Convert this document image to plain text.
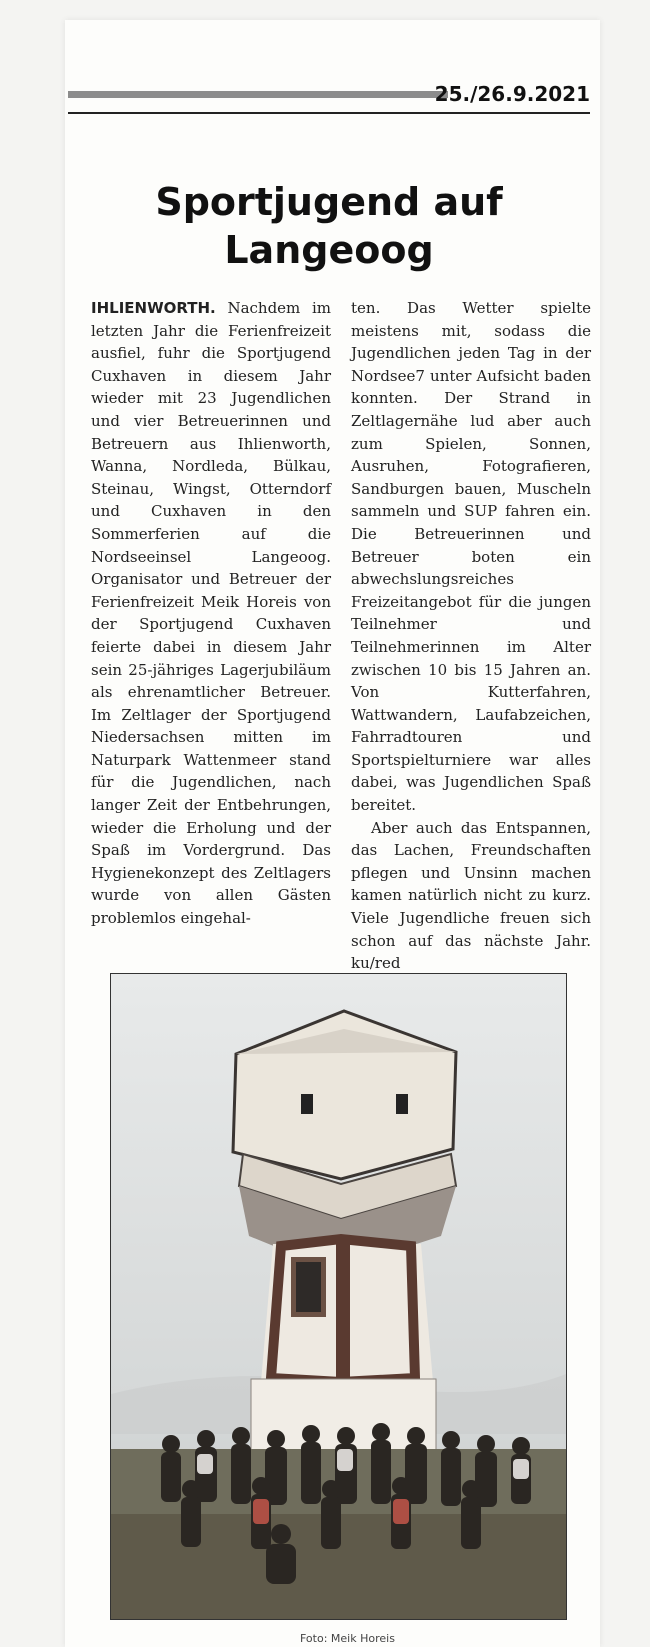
25./26.9.2021
Sportjugend auf
Langeoog

IHLIENWORTH. Nachdem im letzten Jahr die Ferienfreizeit ausfiel, fuhr die Sportjugend Cuxhaven in diesem Jahr wieder mit 23 Jugendlichen und vier Betreuerinnen und Betreuern aus Ihlienworth, Wanna, Nordleda, Bülkau, Steinau, Wingst, Otterndorf und Cuxhaven in den Sommerferien auf die Nordseeinsel Langeoog. Organisator und Betreuer der Ferienfreizeit Meik Horeis von der Sportjugend Cuxhaven feierte dabei in diesem Jahr sein 25-jähriges Lagerjubiläum als ehrenamtlicher Betreuer. Im Zeltlager der Sportjugend Niedersachsen mitten im Naturpark Wattenmeer stand für die Jugendlichen, nach langer Zeit der Entbehrungen, wieder die Erholung und der Spaß im Vordergrund. Das Hygienekonzept des Zeltlagers wurde von allen Gästen problemlos eingehal-

ten. Das Wetter spielte meistens mit, sodass die Jugendlichen jeden Tag in der Nordsee7 unter Aufsicht baden konnten. Der Strand in Zeltlagernähe lud aber auch zum Spielen, Sonnen, Ausruhen, Fotografieren, Sandburgen bauen, Muscheln sammeln und SUP fahren ein. Die Betreuerinnen und Betreuer boten ein abwechslungsreiches Freizeitangebot für die jungen Teilnehmer und Teilnehmerinnen im Alter zwischen 10 bis 15 Jahren an. Von Kutterfahren, Wattwandern, Laufabzeichen, Fahrradtouren und Sportspielturniere war alles dabei, was Jugendlichen Spaß bereitet.

Aber auch das Entspannen, das Lachen, Freundschaften pflegen und Unsinn machen kamen natürlich nicht zu kurz. Viele Jugendliche freuen sich schon auf das nächste Jahr. ku/red

Foto: Meik Horeis
